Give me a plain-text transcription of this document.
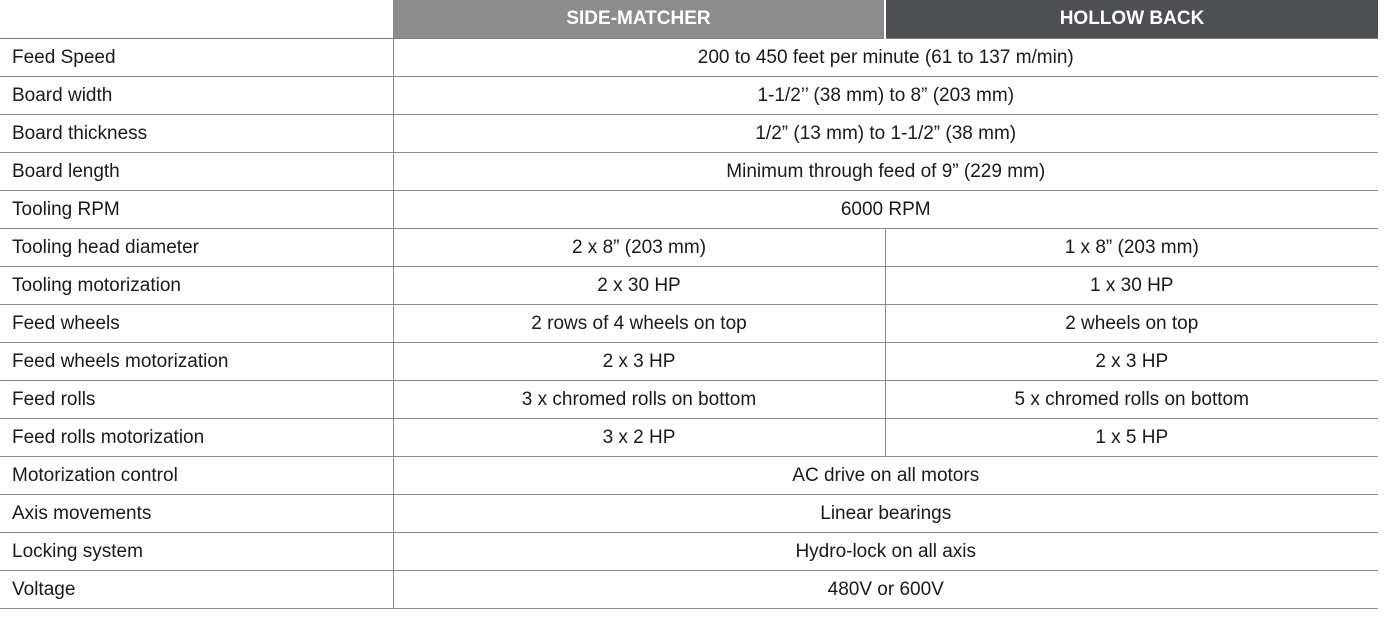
	SIDE-MATCHER	HOLLOW BACK
Feed Speed	200 to 450 feet per minute (61 to 137 m/min)	
Board width	1-1/2’’ (38 mm) to 8” (203 mm)	
Board thickness	1/2” (13 mm) to 1-1/2” (38 mm)	
Board length	Minimum through feed of 9” (229 mm)	
Tooling RPM	6000 RPM	
Tooling head diameter	2 x 8” (203 mm)	1 x 8” (203 mm)
Tooling motorization	2 x 30 HP	1 x 30 HP
Feed wheels	2 rows of 4 wheels on top	2 wheels on top
Feed wheels motorization	2 x 3 HP	2 x 3 HP
Feed rolls	3 x chromed rolls on bottom	5 x chromed rolls on bottom
Feed rolls motorization	3 x 2 HP	1 x 5 HP
Motorization control	AC drive on all motors	
Axis movements	Linear bearings	
Locking system	Hydro-lock on all axis	
Voltage	480V or 600V	
